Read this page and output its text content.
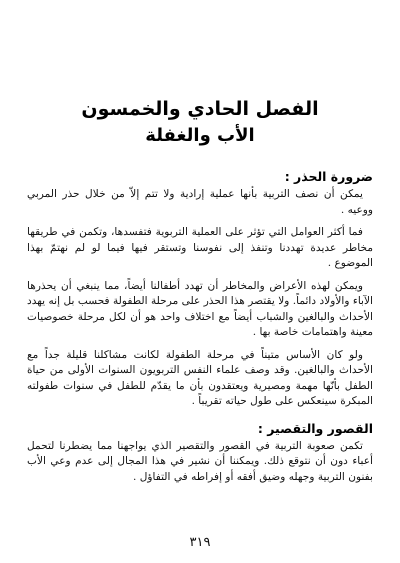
الفصل الحادي والخمسون
الأب والغفلة
ضرورة الحذر :

يمكن أن نصف التربية بأنها عملية إرادية ولا تتم إلاّ من خلال حذر المربي ووعيه .

فما أكثر العوامل التي تؤثر على العملية التربوية فتفسدها، وتكمن في طريقها مخاطر عديدة تهددنا وتنفذ إلى نفوسنا وتستقر فيها فيما لو لم نهتمّ بهذا الموضوع .

ويمكن لهذه الأعراض والمخاطر أن تهدد أطفالنا أيضاً، مما ينبغي أن يحذرها الآباء والأولاد دائماً. ولا يقتصر هذا الحذر على مرحلة الطفولة فحسب بل إنه يهدد الأحداث والبالغين والشباب أيضاً مع اختلاف واحد هو أن لكل مرحلة خصوصيات معينة واهتمامات خاصة بها .

ولو كان الأساس متيناً في مرحلة الطفولة لكانت مشاكلنا قليلة جداً مع الأحداث والبالغين. وقد وصف علماء النفس التربويون السنوات الأولى من حياة الطفل بأنّها مهمة ومصيرية ويعتقدون بأن ما يقدّم للطفل في سنوات طفولته المبكرة سينعكس على طول حياته تقريباً .

القصور والتقصير :

تكمن صعوبة التربية في القصور والتقصير الذي يواجهنا مما يضطرنا لتحمل أعباء دون أن نتوقع ذلك. ويمكننا أن نشير في هذا المجال إلى عدم وعي الأب بفنون التربية وجهله وضيق أفقه أو إفراطه في التفاؤل .

٣١٩
